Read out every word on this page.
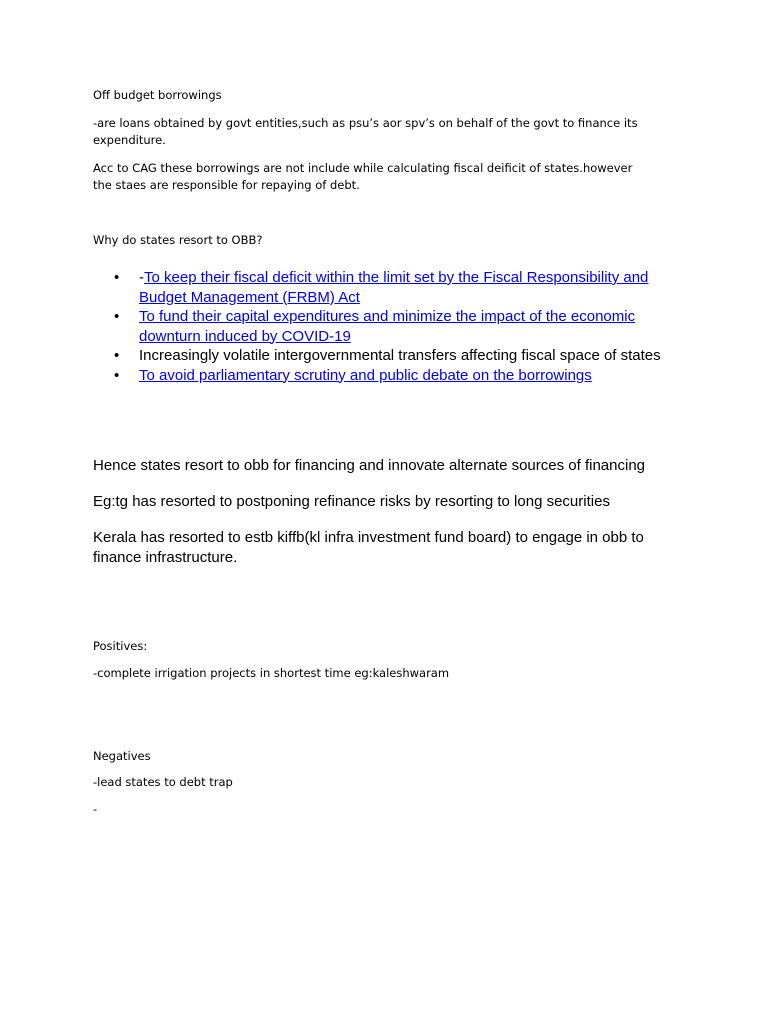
Off budget borrowings
-are loans obtained by govt entities,such as psu’s aor spv’s on behalf of the govt to finance its expenditure.
Acc to CAG these borrowings are not include while calculating fiscal deificit of states.however the staes are responsible for repaying of debt.
Why do states resort to OBB?
• -To keep their fiscal deficit within the limit set by the Fiscal Responsibility and Budget Management (FRBM) Act
• To fund their capital expenditures and minimize the impact of the economic downturn induced by COVID-19
• Increasingly volatile intergovernmental transfers affecting fiscal space of states
• To avoid parliamentary scrutiny and public debate on the borrowings
Hence states resort to obb for financing and innovate alternate sources of financing
Eg:tg has resorted to postponing refinance risks by resorting to long securities
Kerala has resorted to estb kiffb(kl infra investment fund board) to engage in obb to finance infrastructure.
Positives:
-complete irrigation projects in shortest time eg:kaleshwaram
Negatives
-lead states to debt trap
-
